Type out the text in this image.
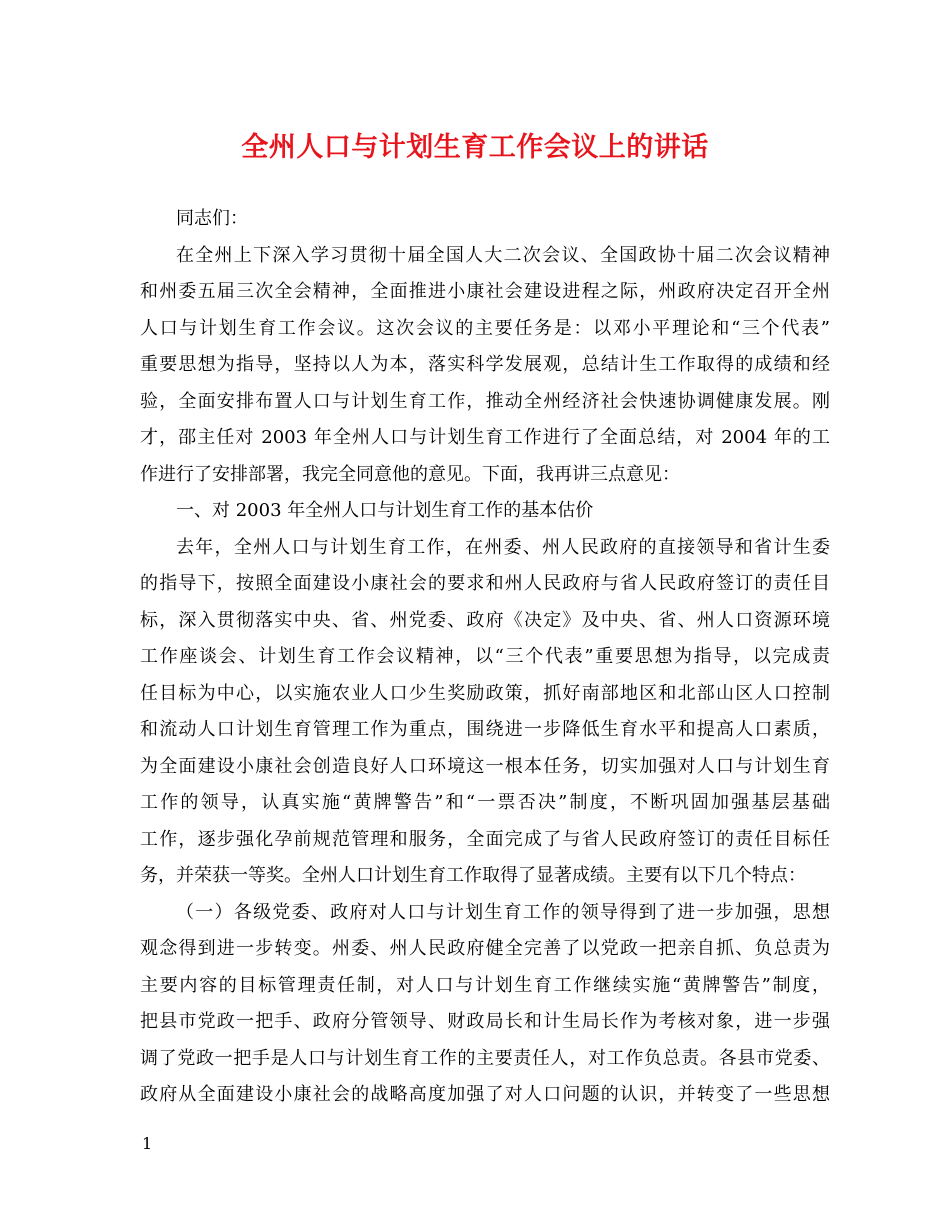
全州人口与计划生育工作会议上的讲话
同志们：
在全州上下深入学习贯彻十届全国人大二次会议、全国政协十届二次会议精神
和州委五届三次全会精神，全面推进小康社会建设进程之际，州政府决定召开全州
人口与计划生育工作会议。这次会议的主要任务是：以邓小平理论和“三个代表”
重要思想为指导，坚持以人为本，落实科学发展观，总结计生工作取得的成绩和经
验，全面安排布置人口与计划生育工作，推动全州经济社会快速协调健康发展。刚
才，邵主任对 2003 年全州人口与计划生育工作进行了全面总结，对 2004 年的工
作进行了安排部署，我完全同意他的意见。下面，我再讲三点意见：
一、对 2003 年全州人口与计划生育工作的基本估价
去年，全州人口与计划生育工作，在州委、州人民政府的直接领导和省计生委
的指导下，按照全面建设小康社会的要求和州人民政府与省人民政府签订的责任目
标，深入贯彻落实中央、省、州党委、政府《决定》及中央、省、州人口资源环境
工作座谈会、计划生育工作会议精神，以“三个代表”重要思想为指导，以完成责
任目标为中心，以实施农业人口少生奖励政策，抓好南部地区和北部山区人口控制
和流动人口计划生育管理工作为重点，围绕进一步降低生育水平和提高人口素质，
为全面建设小康社会创造良好人口环境这一根本任务，切实加强对人口与计划生育
工作的领导，认真实施“黄牌警告”和“一票否决”制度，不断巩固加强基层基础
工作，逐步强化孕前规范管理和服务，全面完成了与省人民政府签订的责任目标任
务，并荣获一等奖。全州人口计划生育工作取得了显著成绩。主要有以下几个特点：
（一）各级党委、政府对人口与计划生育工作的领导得到了进一步加强，思想
观念得到进一步转变。州委、州人民政府健全完善了以党政一把亲自抓、负总责为
主要内容的目标管理责任制，对人口与计划生育工作继续实施“黄牌警告”制度，
把县市党政一把手、政府分管领导、财政局长和计生局长作为考核对象，进一步强
调了党政一把手是人口与计划生育工作的主要责任人，对工作负总责。各县市党委、
政府从全面建设小康社会的战略高度加强了对人口问题的认识，并转变了一些思想
1
